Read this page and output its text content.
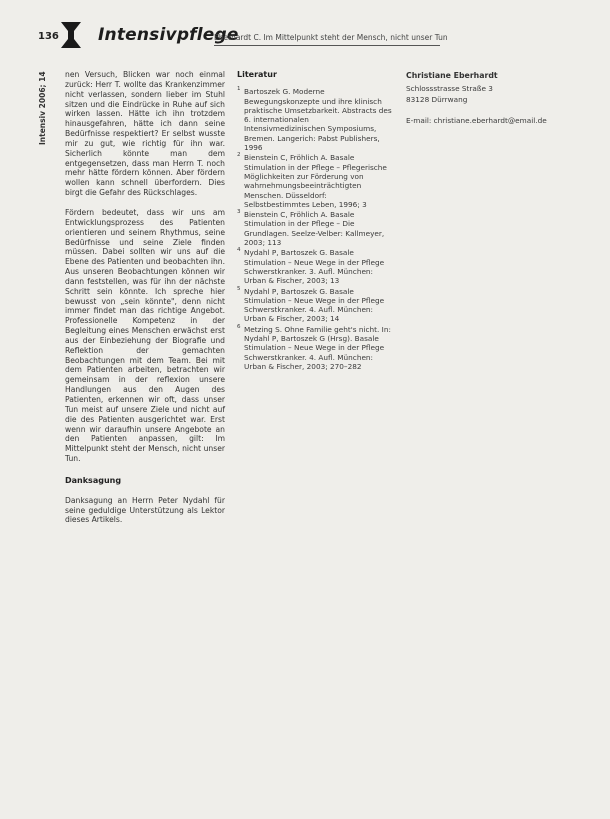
136 Intensivpflege
Eberhardt C. Im Mittelpunkt steht der Mensch, nicht unser Tun
Intensiv 2006; 14 nen Versuch, Blicken war noch einmal zurück: Herr T. wollte das Krankenzimmer nicht verlassen, sondern lieber im Stuhl sitzen und die Eindrücke in Ruhe auf sich wirken lassen. Hätte ich ihn trotzdem hinausgefahren, hätte ich dann seine Bedürfnisse respektiert? Er selbst wusste mir zu gut, wie richtig für ihn war. Sicherlich könnte man dem entgegensetzen, dass man Herrn T. noch mehr hätte fördern können. Aber fördern wollen kann schnell überfordern. Dies birgt die Gefahr des Rückschlages.

Fördern bedeutet, dass wir uns am Entwicklungsprozess des Patienten orientieren und seinem Rhythmus, seine Bedürfnisse und seine Ziele finden müssen. Dabei sollten wir uns auf die Ebene des Patienten und beobachten ihn. Aus unseren Beobachtungen können wir dann feststellen, was für ihn der nächste Schritt sein könnte. Ich spreche hier bewusst von „sein könnte", denn nicht immer findet man das richtige Angebot. Professionelle Kompetenz in der Begleitung eines Menschen erwächst erst aus der Einbeziehung der Biografie und Reflektion der gemachten Beobachtungen mit dem Team. Bei mit dem Patienten arbeiten, betrachten wir gemeinsam in der reflexion unsere Handlungen aus den Augen des Patienten, erkennen wir oft, dass unser Tun meist auf unsere Ziele und nicht auf die des Patienten ausgerichtet war. Erst wenn wir daraufhin unsere Angebote an den Patienten anpassen, gilt: Im Mittelpunkt steht der Mensch, nicht unser Tun.

Danksagung

Danksagung an Herrn Peter Nydahl für seine geduldige Unterstützung als Lektor dieses Artikels.

Literatur
1 Bartoszek G. Moderne Bewegungskonzepte und ihre klinisch praktische Umsetzbarkeit. Abstracts des 6. internationalen Intensivmedizinischen Symposiums, Bremen. Langerich: Pabst Publishers, 1996
2 Bienstein C, Fröhlich A. Basale Stimulation in der Pflege – Pflegerische Möglichkeiten zur Förderung von wahrnehmungsbeeinträchtigten Menschen. Düsseldorf: Selbstbestimmtes Leben, 1996; 3
3 Bienstein C, Fröhlich A. Basale Stimulation in der Pflege – Die Grundlagen. Seelze-Velber: Kallmeyer, 2003; 113
4 Nydahl P, Bartoszek G. Basale Stimulation – Neue Wege in der Pflege Schwerstkranker. 3. Aufl. München: Urban & Fischer, 2003; 13
5 Nydahl P, Bartoszek G. Basale Stimulation – Neue Wege in der Pflege Schwerstkranker. 4. Aufl. München: Urban & Fischer, 2003; 14
6 Metzing S. Ohne Familie geht's nicht. In: Nydahl P, Bartoszek G (Hrsg). Basale Stimulation – Neue Wege in der Pflege Schwerstkranker. 4. Aufl. München: Urban & Fischer, 2003; 270–282
Christiane Eberhardt
Schlossstrasse Straße 3
83128 Dürrwang
E-mail: christiane.eberhardt@email.de
